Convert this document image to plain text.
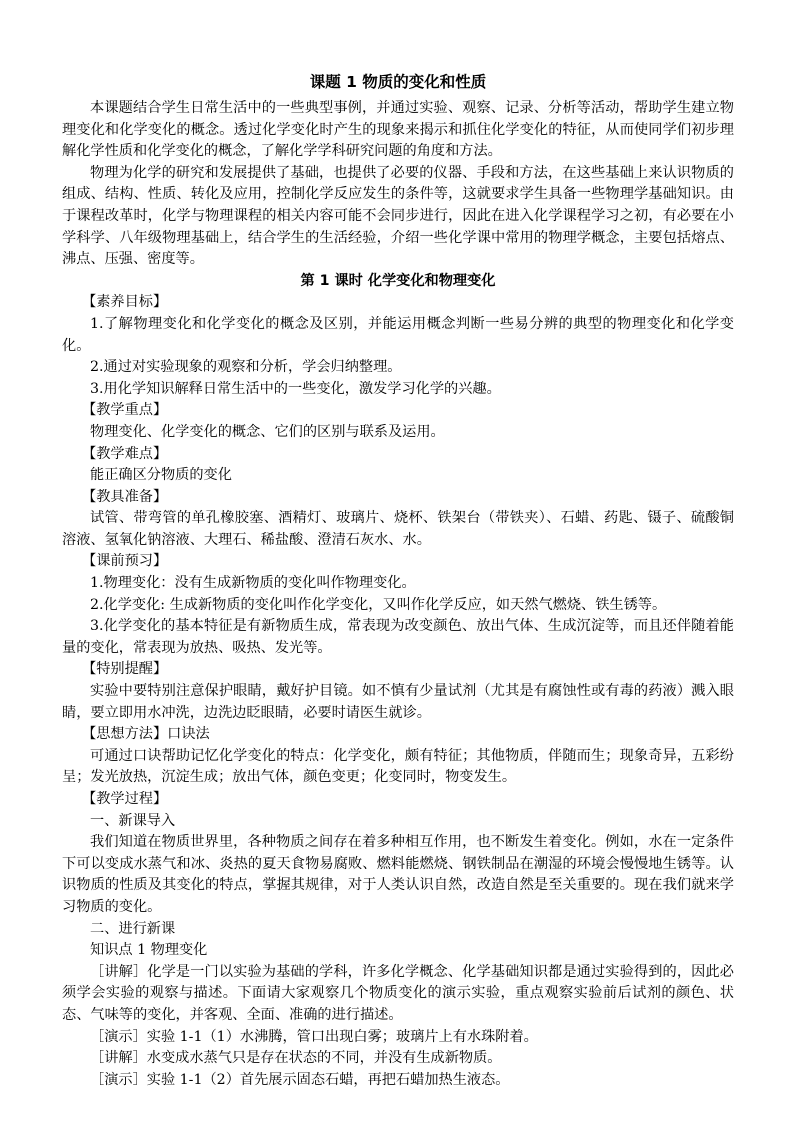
课题 1 物质的变化和性质

本课题结合学生日常生活中的一些典型事例，并通过实验、观察、记录、分析等活动，帮助学生建立物理变化和化学变化的概念。透过化学变化时产生的现象来揭示和抓住化学变化的特征，从而使同学们初步理解化学性质和化学变化的概念，了解化学学科研究问题的角度和方法。

物理为化学的研究和发展提供了基础，也提供了必要的仪器、手段和方法，在这些基础上来认识物质的组成、结构、性质、转化及应用，控制化学反应发生的条件等，这就要求学生具备一些物理学基础知识。由于课程改革时，化学与物理课程的相关内容可能不会同步进行，因此在进入化学课程学习之初，有必要在小学科学、八年级物理基础上，结合学生的生活经验，介绍一些化学课中常用的物理学概念，主要包括熔点、沸点、压强、密度等。

第 1 课时 化学变化和物理变化

【素养目标】

1.了解物理变化和化学变化的概念及区别，并能运用概念判断一些易分辨的典型的物理变化和化学变化。

2.通过对实验现象的观察和分析，学会归纳整理。

3.用化学知识解释日常生活中的一些变化，激发学习化学的兴趣。

【教学重点】

物理变化、化学变化的概念、它们的区别与联系及运用。

【教学难点】

能正确区分物质的变化

【教具准备】

试管、带弯管的单孔橡胶塞、酒精灯、玻璃片、烧杯、铁架台（带铁夹）、石蜡、药匙、镊子、硫酸铜溶液、氢氧化钠溶液、大理石、稀盐酸、澄清石灰水、水。

【课前预习】

1.物理变化：没有生成新物质的变化叫作物理变化。

2.化学变化: 生成新物质的变化叫作化学变化，又叫作化学反应，如天然气燃烧、铁生锈等。

3.化学变化的基本特征是有新物质生成，常表现为改变颜色、放出气体、生成沉淀等，而且还伴随着能量的变化，常表现为放热、吸热、发光等。

【特别提醒】

实验中要特别注意保护眼睛，戴好护目镜。如不慎有少量试剂（尤其是有腐蚀性或有毒的药液）溅入眼睛，要立即用水冲洗，边洗边眨眼睛，必要时请医生就诊。

【思想方法】口诀法

可通过口诀帮助记忆化学变化的特点：化学变化，颇有特征；其他物质，伴随而生；现象奇异，五彩纷呈；发光放热，沉淀生成；放出气体，颜色变更；化变同时，物变发生。

【教学过程】

一、新课导入

我们知道在物质世界里，各种物质之间存在着多种相互作用，也不断发生着变化。例如，水在一定条件下可以变成水蒸气和冰、炎热的夏天食物易腐败、燃料能燃烧、钢铁制品在潮湿的环境会慢慢地生锈等。认识物质的性质及其变化的特点，掌握其规律，对于人类认识自然，改造自然是至关重要的。现在我们就来学习物质的变化。

二、进行新课

知识点 1 物理变化

［讲解］化学是一门以实验为基础的学科，许多化学概念、化学基础知识都是通过实验得到的，因此必须学会实验的观察与描述。下面请大家观察几个物质变化的演示实验，重点观察实验前后试剂的颜色、状态、气味等的变化，并客观、全面、准确的进行描述。

［演示］实验 1-1（1）水沸腾，管口出现白雾；玻璃片上有水珠附着。

［讲解］水变成水蒸气只是存在状态的不同，并没有生成新物质。

［演示］实验 1-1（2）首先展示固态石蜡，再把石蜡加热生液态。
